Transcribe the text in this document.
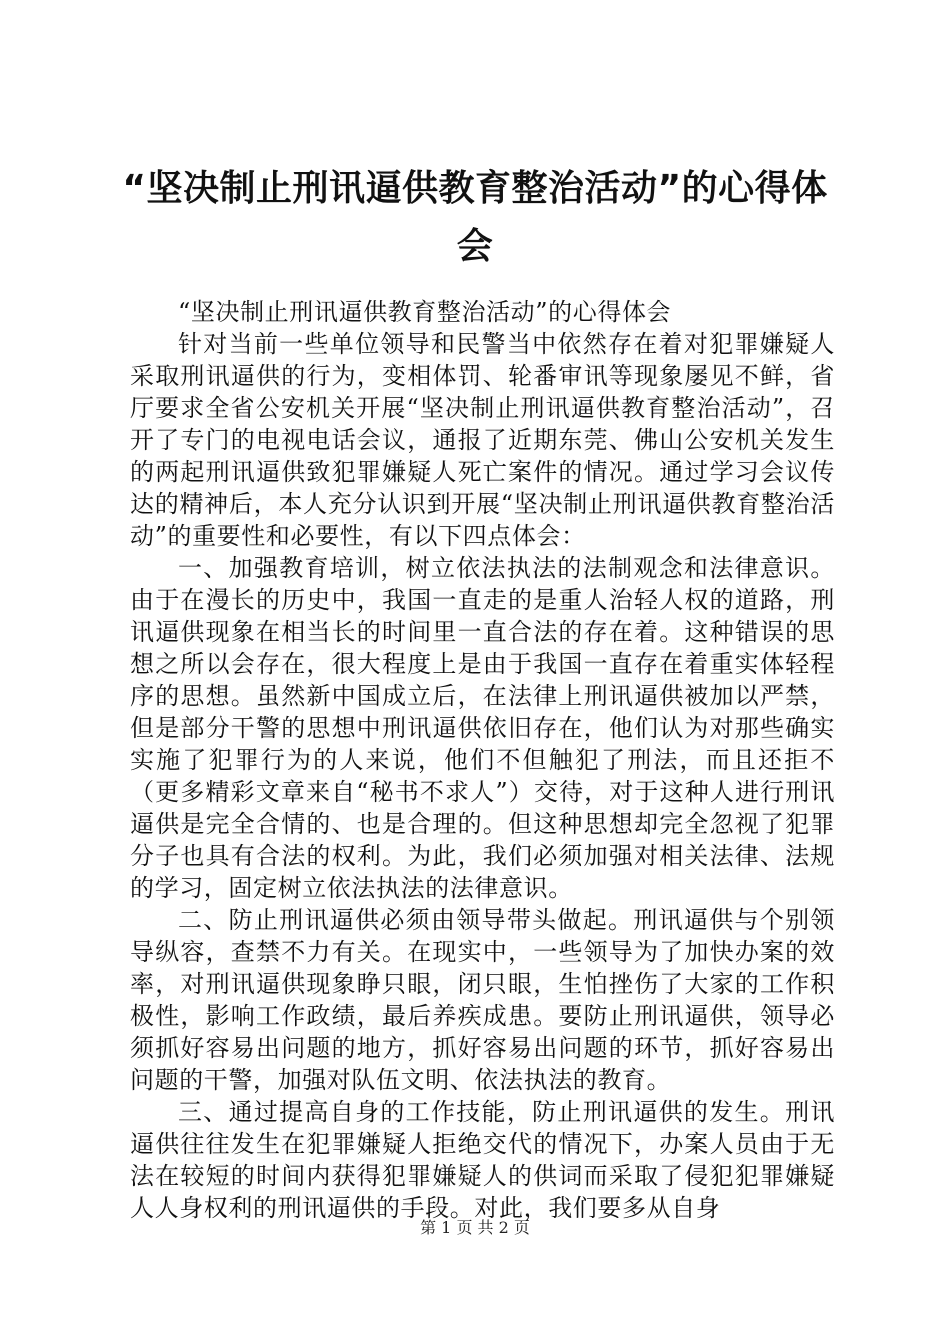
“坚决制止刑讯逼供教育整治活动”的心得体会

“坚决制止刑讯逼供教育整治活动”的心得体会

针对当前一些单位领导和民警当中依然存在着对犯罪嫌疑人采取刑讯逼供的行为，变相体罚、轮番审讯等现象屡见不鲜，省厅要求全省公安机关开展“坚决制止刑讯逼供教育整治活动”，召开了专门的电视电话会议，通报了近期东莞、佛山公安机关发生的两起刑讯逼供致犯罪嫌疑人死亡案件的情况。通过学习会议传达的精神后，本人充分认识到开展“坚决制止刑讯逼供教育整治活动”的重要性和必要性，有以下四点体会：

一、加强教育培训，树立依法执法的法制观念和法律意识。由于在漫长的历史中，我国一直走的是重人治轻人权的道路，刑讯逼供现象在相当长的时间里一直合法的存在着。这种错误的思想之所以会存在，很大程度上是由于我国一直存在着重实体轻程序的思想。虽然新中国成立后，在法律上刑讯逼供被加以严禁，但是部分干警的思想中刑讯逼供依旧存在，他们认为对那些确实实施了犯罪行为的人来说，他们不但触犯了刑法，而且还拒不（更多精彩文章来自“秘书不求人”）交待，对于这种人进行刑讯逼供是完全合情的、也是合理的。但这种思想却完全忽视了犯罪分子也具有合法的权利。为此，我们必须加强对相关法律、法规的学习，固定树立依法执法的法律意识。

二、防止刑讯逼供必须由领导带头做起。刑讯逼供与个别领导纵容，查禁不力有关。在现实中，一些领导为了加快办案的效率，对刑讯逼供现象睁只眼，闭只眼，生怕挫伤了大家的工作积极性，影响工作政绩，最后养疾成患。要防止刑讯逼供，领导必须抓好容易出问题的地方，抓好容易出问题的环节，抓好容易出问题的干警，加强对队伍文明、依法执法的教育。

三、通过提高自身的工作技能，防止刑讯逼供的发生。刑讯逼供往往发生在犯罪嫌疑人拒绝交代的情况下，办案人员由于无法在较短的时间内获得犯罪嫌疑人的供词而采取了侵犯犯罪嫌疑人人身权利的刑讯逼供的手段。对此，我们要多从自身

第 1 页 共 2 页
